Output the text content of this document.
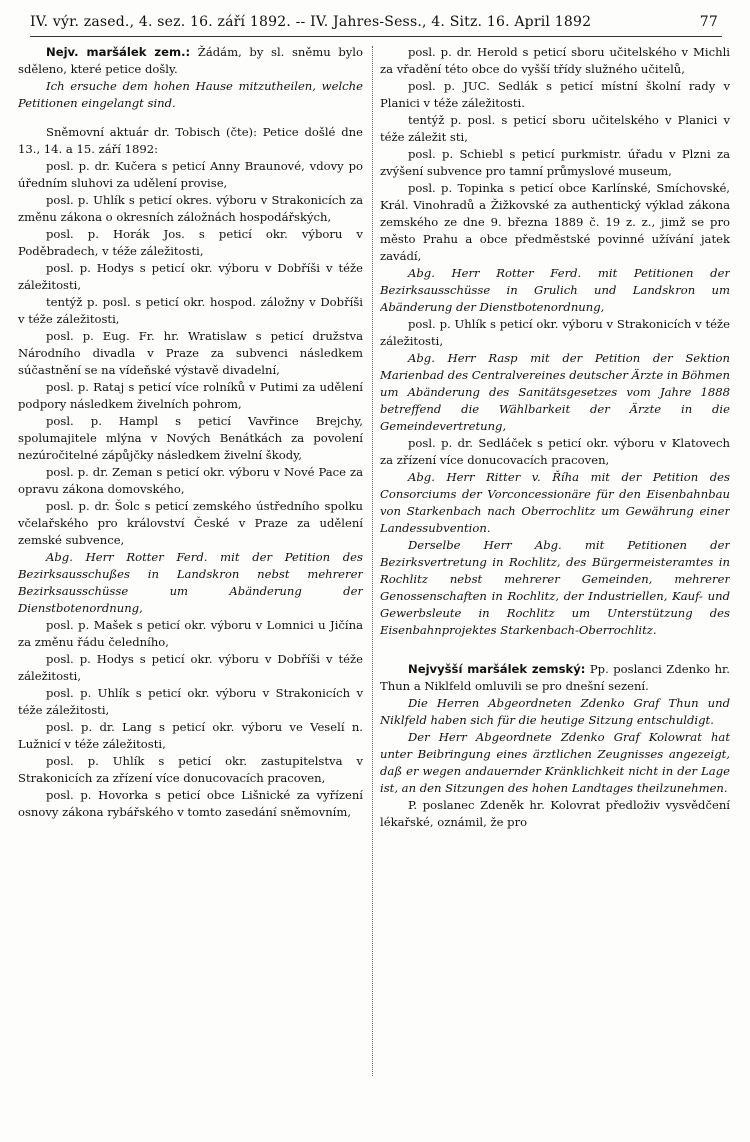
IV. výr. zased., 4. sez. 16. září 1892. -- IV. Jahres-Sess., 4. Sitz. 16. April 1892	77

Nejv. maršálek zem.: Žádám, by sl. sněmu bylo sděleno, které petice došly.

Ich ersuche dem hohen Hause mitzutheilen, welche Petitionen eingelangt sind.

Sněmovní aktuár dr. Tobisch (čte): Petice došlé dne 13., 14. a 15. září 1892:

posl. p. dr. Kučera s peticí Anny Braunové, vdovy po úředním sluhovi za udělení provise,

posl. p. Uhlík s peticí okres. výboru v Strakonicích za změnu zákona o okresních záložnách hospodářských,

posl. p. Horák Jos. s peticí okr. výboru v Poděbradech, v téže záležitosti,

posl. p. Hodys s peticí okr. výboru v Dobříši v téže záležitosti,

tentýž p. posl. s peticí okr. hospod. záložny v Dobříši v téže záležitosti,

posl. p. Eug. Fr. hr. Wratislaw s peticí družstva Národního divadla v Praze za subvenci následkem súčastnění se na vídeňské výstavě divadelní,

posl. p. Rataj s peticí více rolníků v Putimi za udělení podpory následkem živelních pohrom,

posl. p. Hampl s peticí Vavřince Brejchy, spolumajitele mlýna v Nových Benátkách za povolení nezúročitelné zápůjčky následkem živelní škody,

posl. p. dr. Zeman s peticí okr. výboru v Nové Pace za opravu zákona domovského,

posl. p. dr. Šolc s peticí zemského ústředního spolku včelařského pro království České v Praze za udělení zemské subvence,

Abg. Herr Rotter Ferd. mit der Petition des Bezirksausschußes in Landskron nebst mehrerer Bezirksausschüsse um Abänderung der Dienstbotenordnung,

posl. p. Mašek s peticí okr. výboru v Lomnici u Jičína za změnu řádu čeledního,

posl. p. Hodys s peticí okr. výboru v Dobříši v téže záležitosti,

posl. p. Uhlík s peticí okr. výboru v Strakonicích v téže záležitosti,

posl. p. dr. Lang s peticí okr. výboru ve Veselí n. Lužnicí v téže záležitosti,

posl. p. Uhlík s peticí okr. zastupitelstva v Strakonicích za zřízení více donucovacích pracoven,

posl. p. Hovorka s peticí obce Lišnické za vyřízení osnovy zákona rybářského v tomto zasedání sněmovním,

posl. p. dr. Herold s peticí sboru učitelského v Michli za vřadění této obce do vyšší třídy služného učitelů,

posl. p. JUC. Sedlák s peticí místní školní rady v Planici v téže záležitosti.

tentýž p. posl. s peticí sboru učitelského v Planici v téže záležit sti,

posl. p. Schiebl s peticí purkmistr. úřadu v Plzni za zvýšení subvence pro tamní průmyslové museum,

posl. p. Topinka s peticí obce Karlínské, Smíchovské, Král. Vinohradů a Žižkovské za authentický výklad zákona zemského ze dne 9. března 1889 č. 19 z. z., jimž se pro město Prahu a obce předměstské povinné užívání jatek zavádí,

Abg. Herr Rotter Ferd. mit Petitionen der Bezirksausschüsse in Grulich und Landskron um Abänderung der Dienstbotenordnung,

posl. p. Uhlík s peticí okr. výboru v Strakonicích v téže záležitosti,

Abg. Herr Rasp mit der Petition der Sektion Marienbad des Centralvereines deutscher Ärzte in Böhmen um Abänderung des Sanitätsgesetzes vom Jahre 1888 betreffend die Wählbarkeit der Ärzte in die Gemeindevertretung,

posl. p. dr. Sedláček s peticí okr. výboru v Klatovech za zřízení více donucovacích pracoven,

Abg. Herr Ritter v. Říha mit der Petition des Consorciums der Vorconcessionäre für den Eisenbahnbau von Starkenbach nach Oberrochlitz um Gewährung einer Landessubvention.

Derselbe Herr Abg. mit Petitionen der Bezirksvertretung in Rochlitz, des Bürgermeisteramtes in Rochlitz nebst mehrerer Gemeinden, mehrerer Genossenschaften in Rochlitz, der Industriellen, Kauf- und Gewerbsleute in Rochlitz um Unterstützung des Eisenbahnprojektes Starkenbach-Oberrochlitz.

Nejvyšší maršálek zemský: Pp. poslanci Zdenko hr. Thun a Niklfeld omluvili se pro dnešní sezení.

Die Herren Abgeordneten Zdenko Graf Thun und Niklfeld haben sich für die heutige Sitzung entschuldigt.

Der Herr Abgeordnete Zdenko Graf Kolowrat hat unter Beibringung eines ärztlichen Zeugnisses angezeigt, daß er wegen andauernder Kränklichkeit nicht in der Lage ist, an den Sitzungen des hohen Landtages theilzunehmen.

P. poslanec Zdeněk hr. Kolovrat předloživ vysvědčení lékařské, oznámil, že pro
